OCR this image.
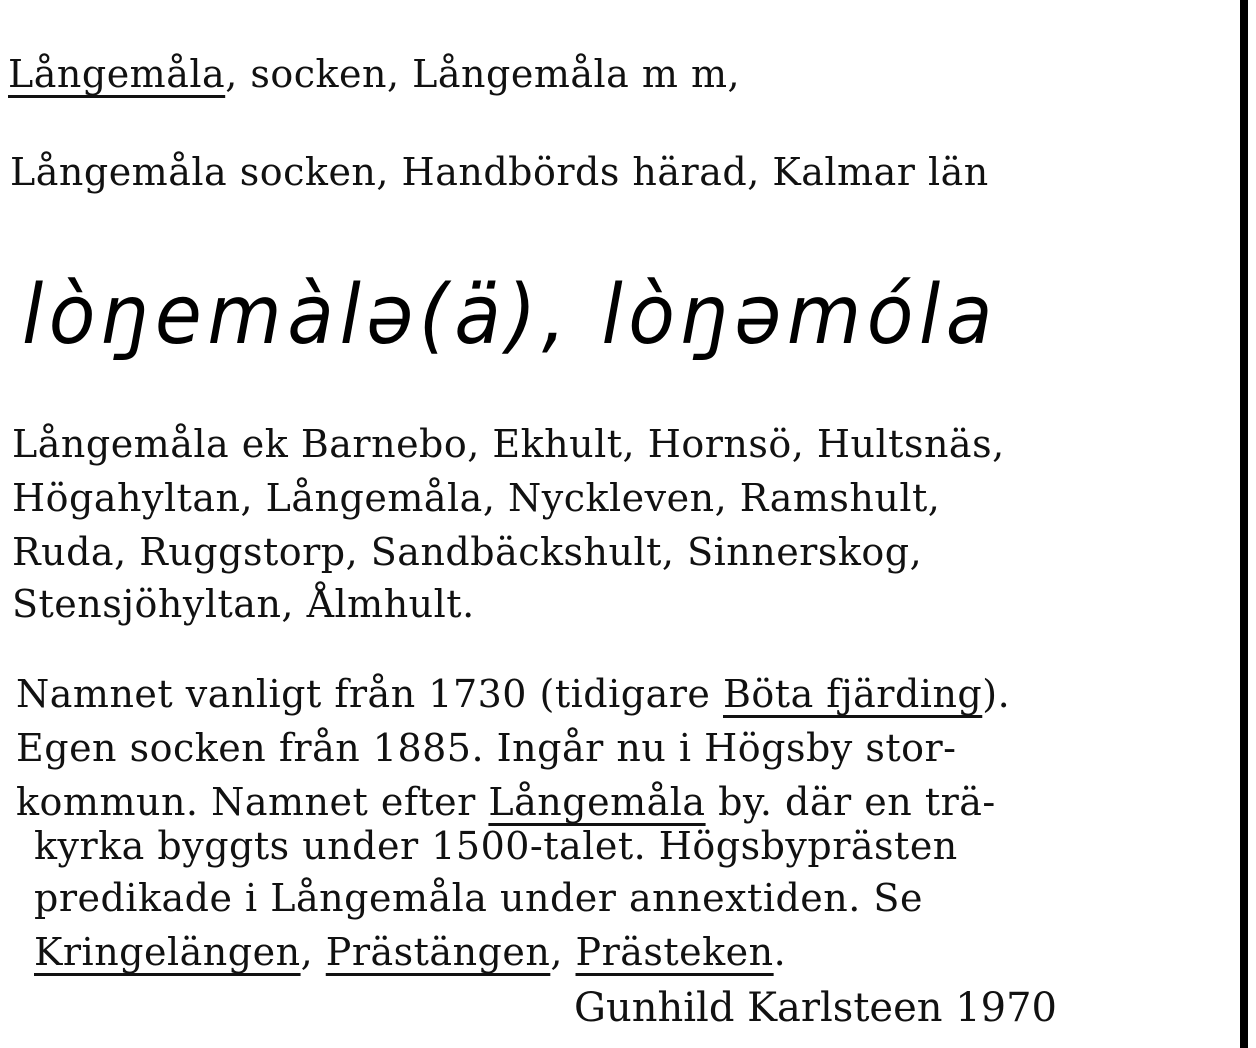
Långemåla, socken, Långemåla m m,
Långemåla socken, Handbörds härad, Kalmar län
lòŋemàlə(ä), lòŋəmóla
Långemåla ek Barnebo, Ekhult, Hornsö, Hultsnäs,
Högahyltan, Långemåla, Nyckleven, Ramshult,
Ruda, Ruggstorp, Sandbäckshult, Sinnerskog,
Stensjöhyltan, Ålmhult.
Namnet vanligt från 1730 (tidigare Böta fjärding).
Egen socken från 1885. Ingår nu i Högsby stor-
kommun. Namnet efter Långemåla by. där en trä-
kyrka byggts under 1500-talet. Högsbyprästen
predikade i Långemåla under annextiden. Se
Kringelängen, Prästängen, Prästeken.
Gunhild Karlsteen 1970
